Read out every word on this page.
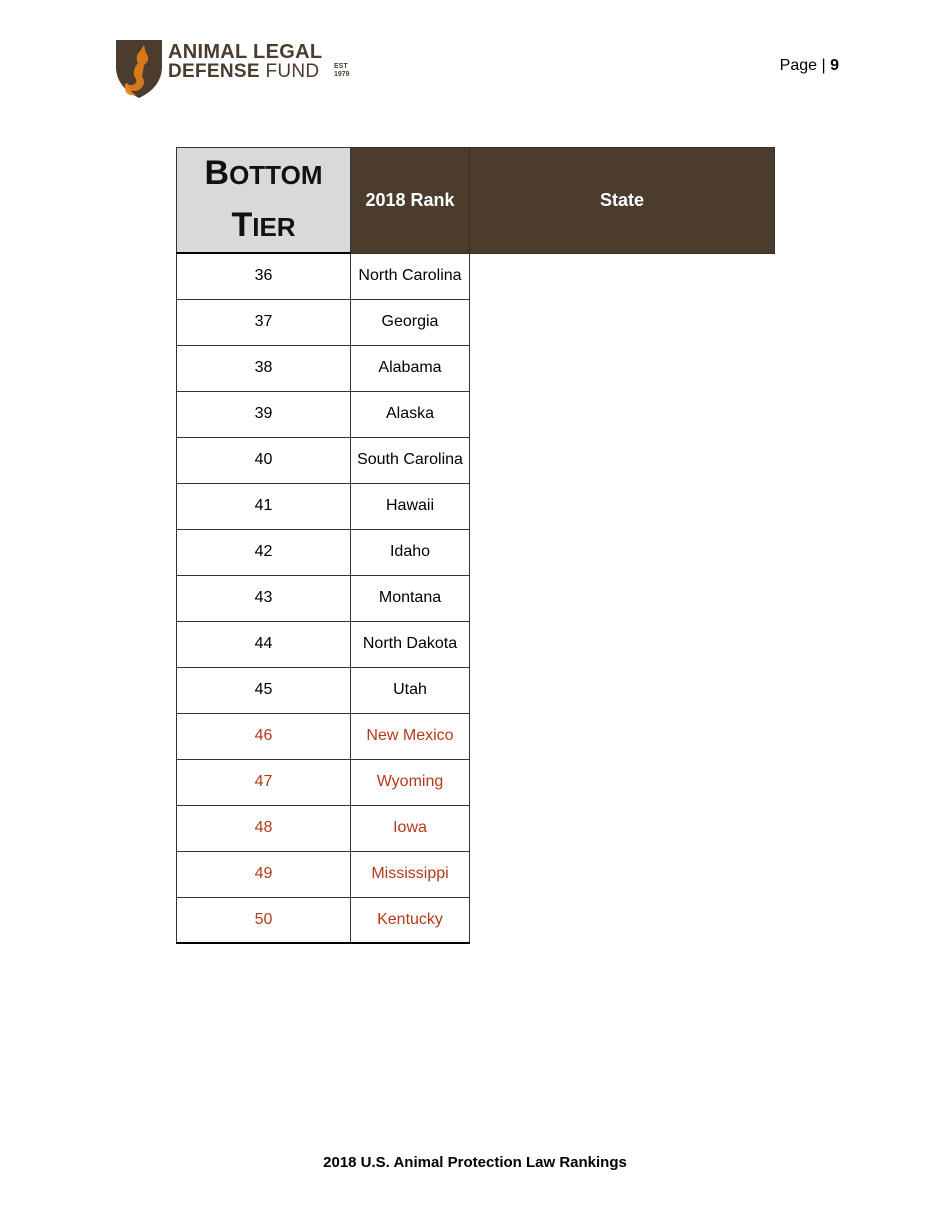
ANIMAL LEGAL
DEFENSE FUND EST
1979
Page | 9
BOTTOM
TIER	2018 Rank	State
36	North Carolina	
37	Georgia	
38	Alabama	
39	Alaska	
40	South Carolina	
41	Hawaii	
42	Idaho	
43	Montana	
44	North Dakota	
45	Utah	
46	New Mexico	
47	Wyoming	
48	Iowa	
49	Mississippi	
50	Kentucky	
2018 U.S. Animal Protection Law Rankings
